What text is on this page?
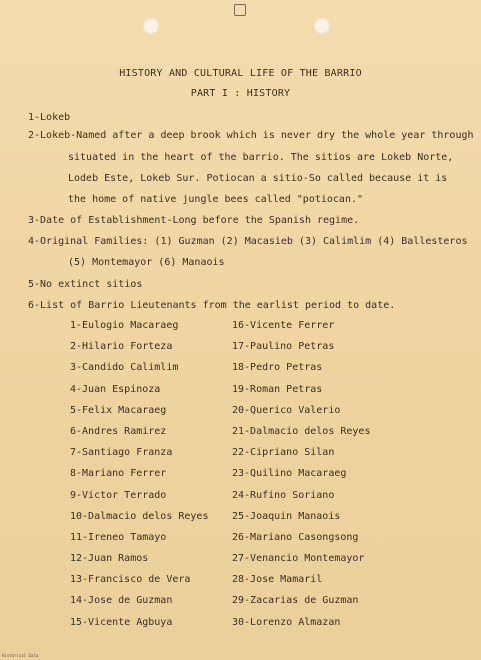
HISTORY AND CULTURAL LIFE OF THE BARRIO
PART I : HISTORY
1-Lokeb
2-Lokeb-Named after a deep brook which is never dry the whole year through
situated in the heart of the barrio. The sitios are Lokeb Norte,
Lodeb Este, Lokeb Sur. Potiocan a sitio-So called because it is
the home of native jungle bees called "potiocan."
3-Date of Establishment-Long before the Spanish regime.
4-Original Families: (1) Guzman (2) Macasieb (3) Calimlim (4) Ballesteros
(5) Montemayor (6) Manaois
5-No extinct sitios
6-List of Barrio Lieutenants from the earlist period to date.
1-Eulogio Macaraeg
2-Hilario Forteza
3-Candido Calimlim
4-Juan Espinoza
5-Felix Macaraeg
6-Andres Ramirez
7-Santiago Franza
8-Mariano Ferrer
9-Victor Terrado
10-Dalmacio delos Reyes
11-Ireneo Tamayo
12-Juan Ramos
13-Francisco de Vera
14-Jose de Guzman
15-Vicente Agbuya
16-Vicente Ferrer
17-Paulino Petras
18-Pedro Petras
19-Roman Petras
20-Querico Valerio
21-Dalmacio delos Reyes
22-Cipriano Silan
23-Quilino Macaraeg
24-Rufino Soriano
25-Joaquin Manaois
26-Mariano Casongsong
27-Venancio Montemayor
28-Jose Mamaril
29-Zacarias de Guzman
30-Lorenzo Almazan
Historical Data
